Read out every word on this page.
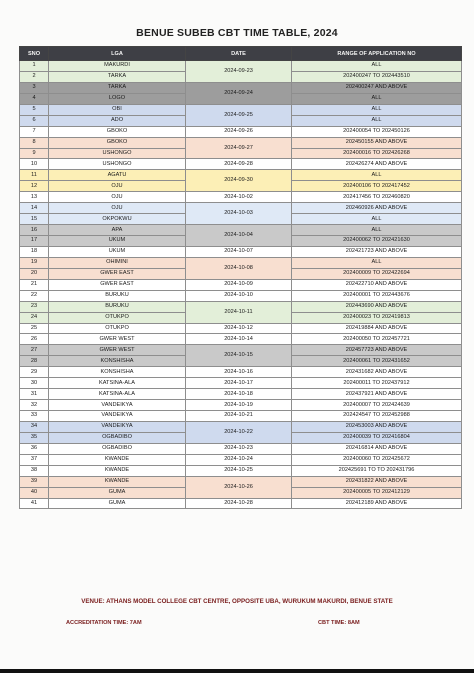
BENUE SUBEB CBT TIME TABLE, 2024
SNO	LGA	DATE	RANGE OF APPLICATION NO
1	MAKURDI	2024-09-23	ALL
2	TARKA		202400247 TO 202443510
3	TARKA	2024-09-24	202400247 AND ABOVE
4	LOGO		ALL
5	OBI	2024-09-25	ALL
6	ADO		ALL
7	GBOKO	2024-09-26	202400054 TO 202450126
8	GBOKO	2024-09-27	202450155 AND ABOVE
9	USHONGO		202400016 TO 202426268
10	USHONGO	2024-09-28	202426274 AND ABOVE
11	AGATU	2024-09-30	ALL
12	OJU		202400106 TO 202417452
13	OJU	2024-10-02	202417456 TO 202460820
14	OJU	2024-10-03	202460926 AND ABOVE
15	OKPOKWU		ALL
16	APA	2024-10-04	ALL
17	UKUM		202400062 TO 202421630
18	UKUM	2024-10-07	202421723 AND ABOVE
19	OHIMINI	2024-10-08	ALL
20	GWER EAST		202400009 TO 202422694
21	GWER EAST	2024-10-09	202422710 AND ABOVE
22	BURUKU	2024-10-10	202400001 TO 202443676
23	BURUKU	2024-10-11	202443690 AND ABOVE
24	OTUKPO		202400023 TO 202419813
25	OTUKPO	2024-10-12	202419884 AND ABOVE
26	GWER WEST	2024-10-14	202400050 TO 202457721
27	GWER WEST	2024-10-15	202457723 AND ABOVE
28	KONSHISHA		202400061 TO 202431652
29	KONSHISHA	2024-10-16	202431682 AND ABOVE
30	KATSINA-ALA	2024-10-17	202400011 TO 202437912
31	KATSINA-ALA	2024-10-18	202437921 AND ABOVE
32	VANDEIKYA	2024-10-19	202400007 TO 202424639
33	VANDEIKYA	2024-10-21	202424547 TO 202452988
34	VANDEIKYA	2024-10-22	202453003 AND ABOVE
35	OGBADIBO		202400039 TO 202416804
36	OGBADIBO	2024-10-23	202416814 AND ABOVE
37	KWANDE	2024-10-24	202400060 TO 202425672
38	KWANDE	2024-10-25	202425691 TO TO 202431796
39	KWANDE	2024-10-26	202431822 AND ABOVE
40	GUMA		202400005 TO 202412129
41	GUMA	2024-10-28	202412189 AND ABOVE
VENUE: ATHANS MODEL COLLEGE CBT CENTRE, OPPOSITE UBA, WURUKUM MAKURDI, BENUE STATE
ACCREDITATION TIME: 7AM	CBT TIME: 8AM
